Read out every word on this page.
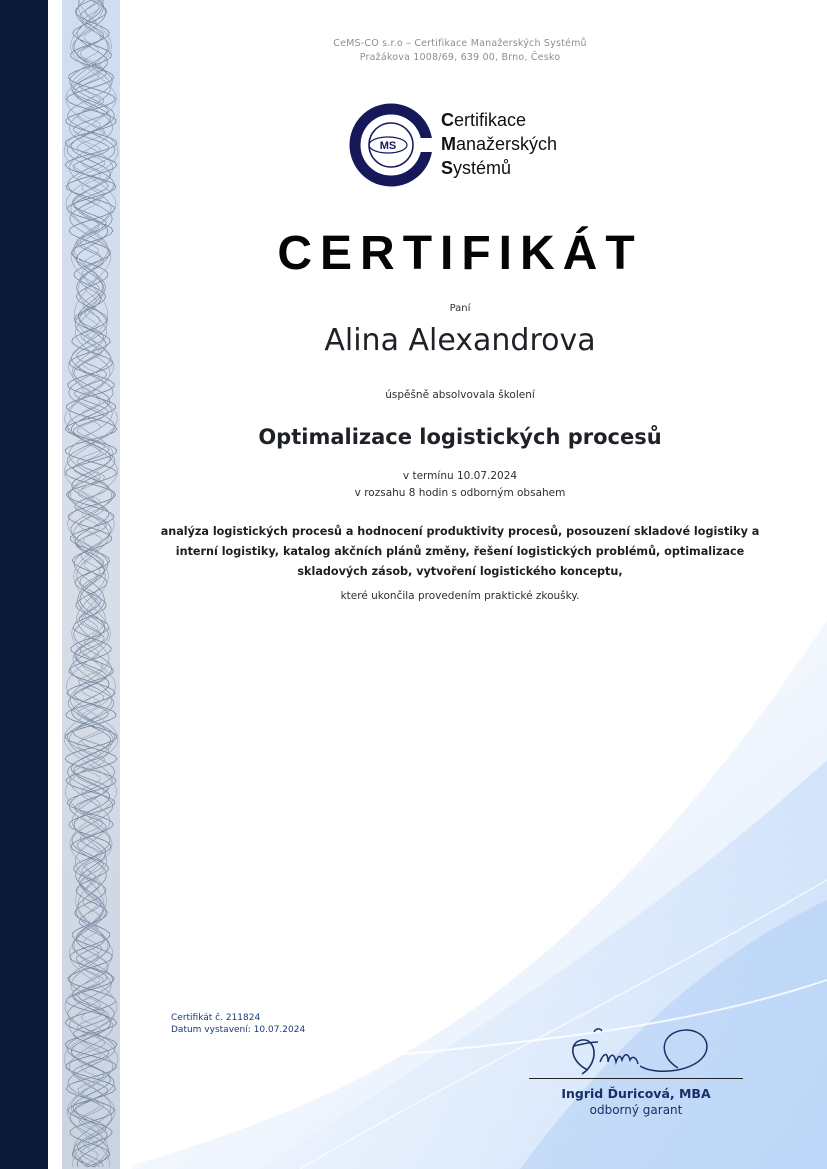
CeMS-CO s.r.o – Certifikace Manažerských Systémů
Pražákova 1008/69, 639 00, Brno, Česko
MS
Certifikace
Manažerských
Systémů
CERTIFIKÁT
Paní
Alina Alexandrova
úspěšně absolvovala školení
Optimalizace logistických procesů
v termínu 10.07.2024
v rozsahu 8 hodin s odborným obsahem
analýza logistických procesů a hodnocení produktivity procesů, posouzení skladové logistiky a
interní logistiky, katalog akčních plánů změny, řešení logistických problémů, optimalizace
skladových zásob, vytvoření logistického konceptu,
které ukončila provedením praktické zkoušky.
Certifikát č. 211824
Datum vystavení: 10.07.2024
Ingrid Ďuricová, MBA
odborný garant
